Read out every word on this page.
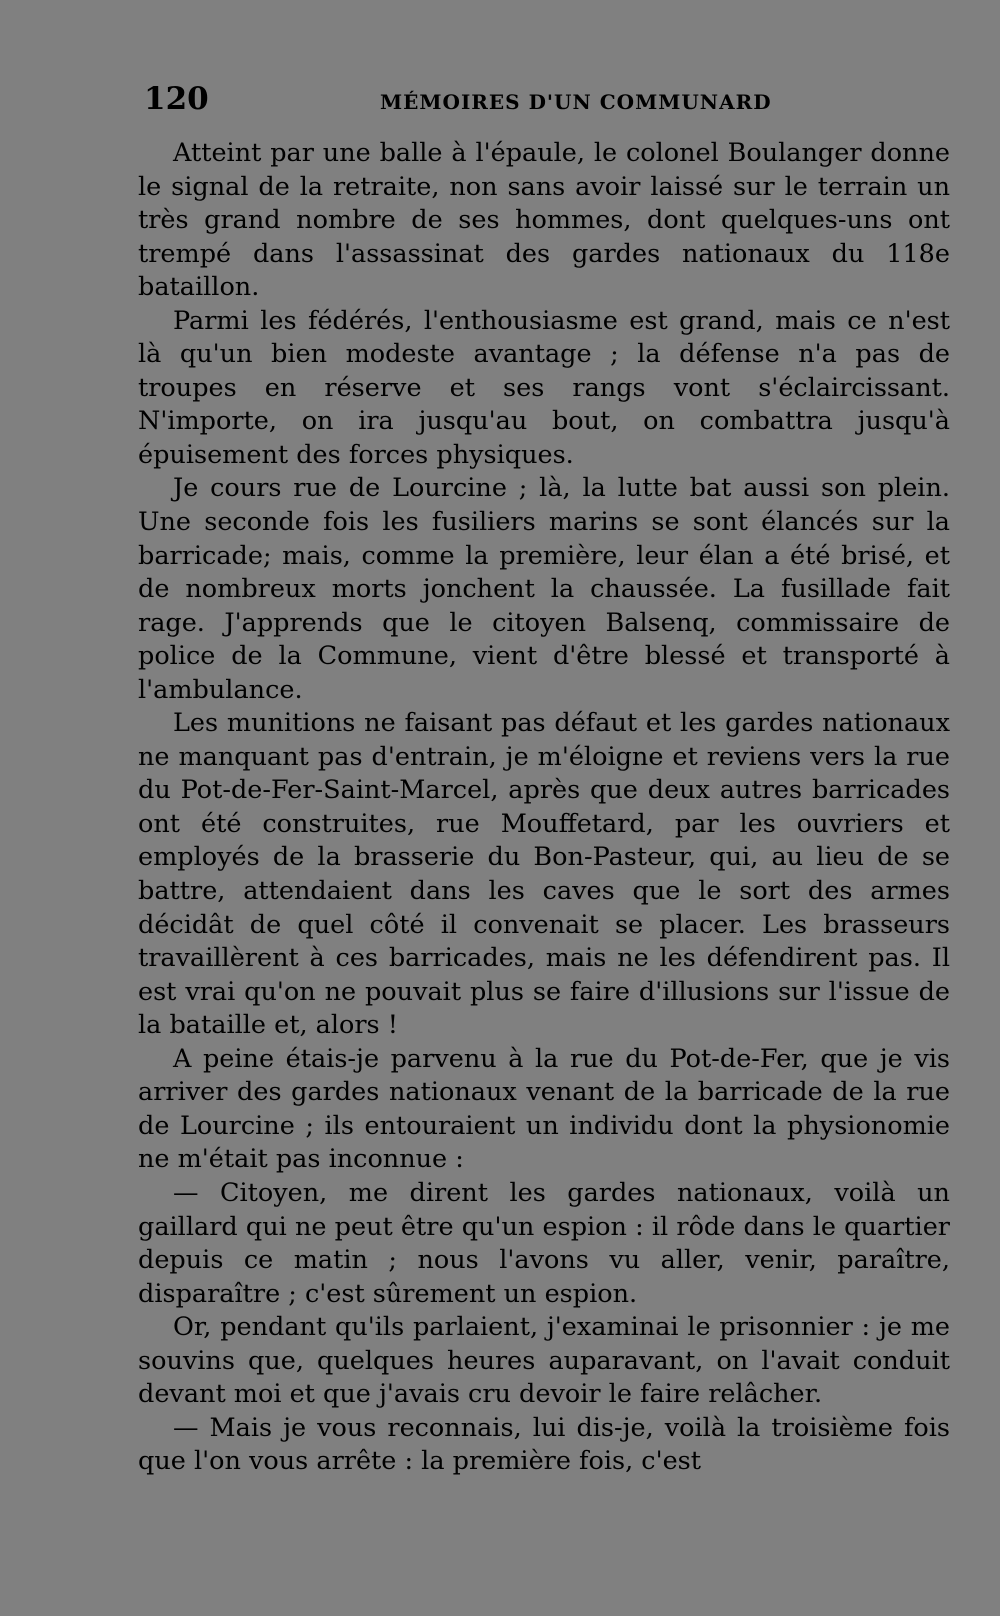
120	MÉMOIRES D'UN COMMUNARD

Atteint par une balle à l'épaule, le colonel Boulanger donne le signal de la retraite, non sans avoir laissé sur le terrain un très grand nombre de ses hommes, dont quelques-uns ont trempé dans l'assassinat des gardes nationaux du 118e bataillon.

Parmi les fédérés, l'enthousiasme est grand, mais ce n'est là qu'un bien modeste avantage ; la défense n'a pas de troupes en réserve et ses rangs vont s'éclaircissant. N'importe, on ira jusqu'au bout, on combattra jusqu'à épuisement des forces physiques.

Je cours rue de Lourcine ; là, la lutte bat aussi son plein. Une seconde fois les fusiliers marins se sont élancés sur la barricade; mais, comme la première, leur élan a été brisé, et de nombreux morts jonchent la chaussée. La fusillade fait rage. J'apprends que le citoyen Balsenq, commissaire de police de la Commune, vient d'être blessé et transporté à l'ambulance.

Les munitions ne faisant pas défaut et les gardes nationaux ne manquant pas d'entrain, je m'éloigne et reviens vers la rue du Pot-de-Fer-Saint-Marcel, après que deux autres barricades ont été construites, rue Mouffetard, par les ouvriers et employés de la brasserie du Bon-Pasteur, qui, au lieu de se battre, attendaient dans les caves que le sort des armes décidât de quel côté il convenait se placer. Les brasseurs travaillèrent à ces barricades, mais ne les défendirent pas. Il est vrai qu'on ne pouvait plus se faire d'illusions sur l'issue de la bataille et, alors !

A peine étais-je parvenu à la rue du Pot-de-Fer, que je vis arriver des gardes nationaux venant de la barricade de la rue de Lourcine ; ils entouraient un individu dont la physionomie ne m'était pas inconnue :

— Citoyen, me dirent les gardes nationaux, voilà un gaillard qui ne peut être qu'un espion : il rôde dans le quartier depuis ce matin ; nous l'avons vu aller, venir, paraître, disparaître ; c'est sûrement un espion.

Or, pendant qu'ils parlaient, j'examinai le prisonnier : je me souvins que, quelques heures auparavant, on l'avait conduit devant moi et que j'avais cru devoir le faire relâcher.

— Mais je vous reconnais, lui dis-je, voilà la troisième fois que l'on vous arrête : la première fois, c'est
